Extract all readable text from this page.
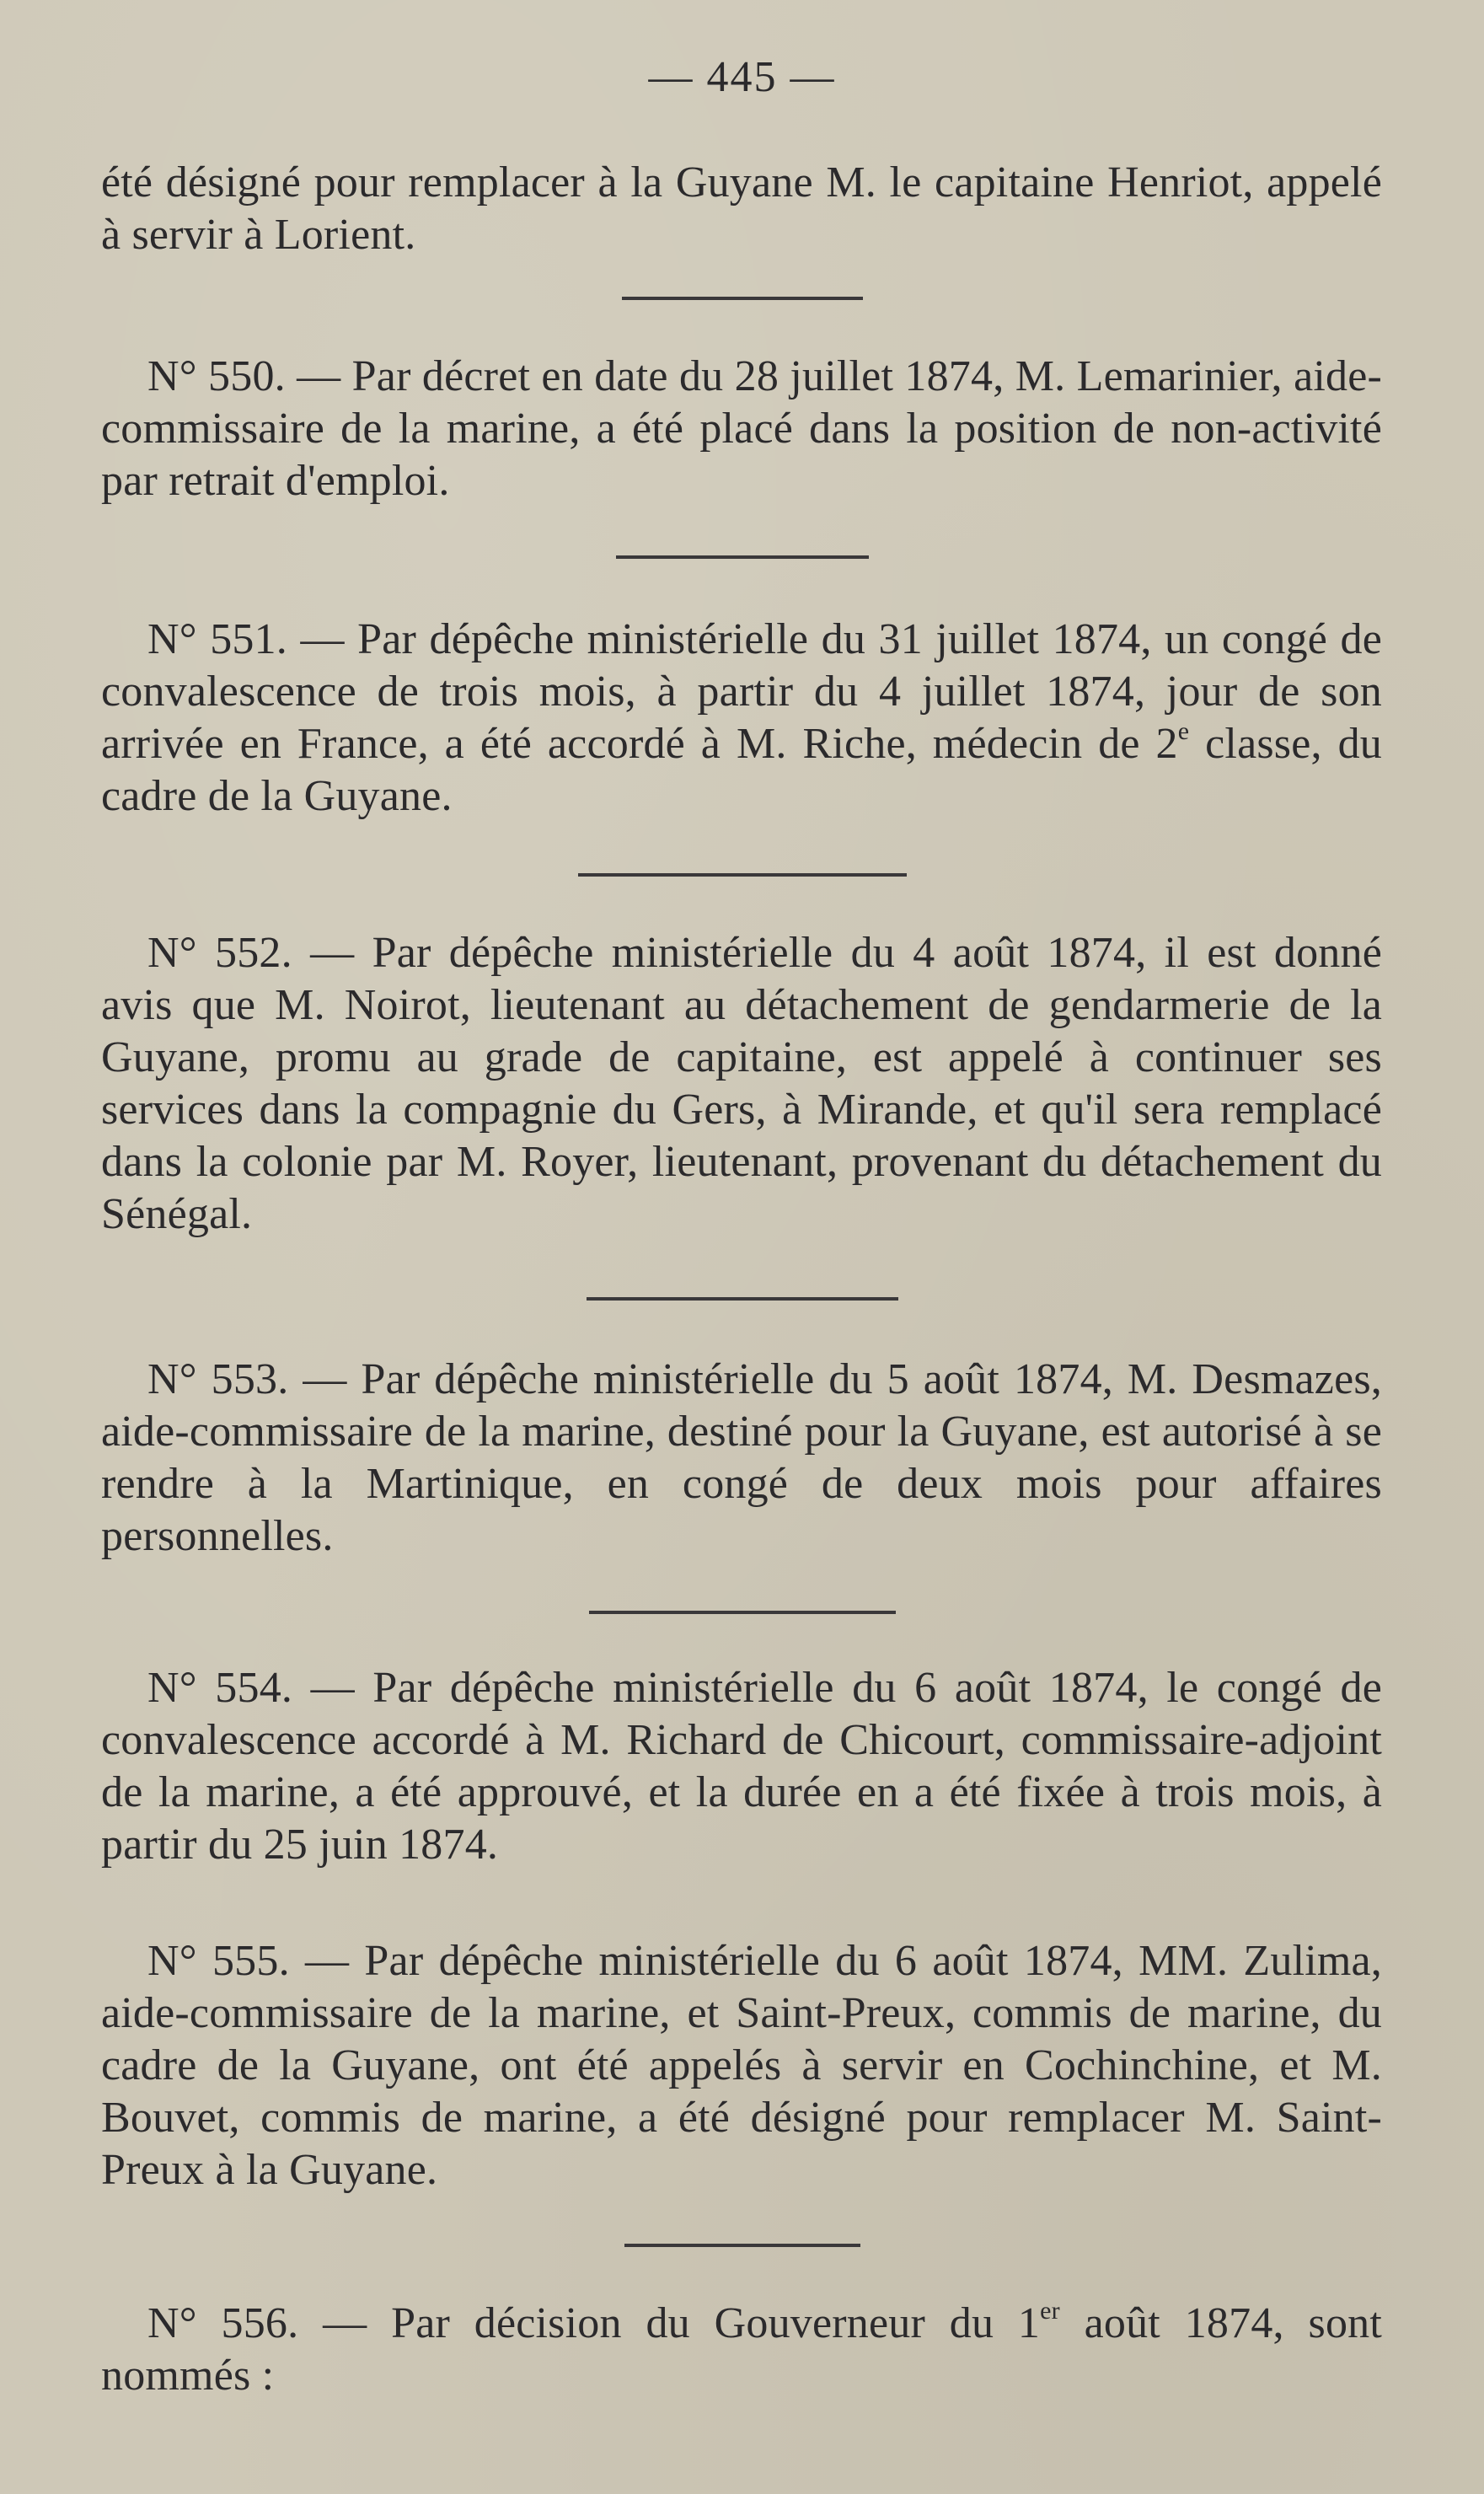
— 445 —
été désigné pour remplacer à la Guyane M. le capitaine Henriot, appelé à servir à Lorient.
N° 550. — Par décret en date du 28 juillet 1874, M. Lemarinier, aide-commissaire de la marine, a été placé dans la position de non-activité par retrait d'emploi.
N° 551. — Par dépêche ministérielle du 31 juillet 1874, un congé de convalescence de trois mois, à partir du 4 juillet 1874, jour de son arrivée en France, a été accordé à M. Riche, médecin de 2e classe, du cadre de la Guyane.
N° 552. — Par dépêche ministérielle du 4 août 1874, il est donné avis que M. Noirot, lieutenant au détachement de gendarmerie de la Guyane, promu au grade de capitaine, est appelé à continuer ses services dans la compagnie du Gers, à Mirande, et qu'il sera remplacé dans la colonie par M. Royer, lieutenant, provenant du détachement du Sénégal.
N° 553. — Par dépêche ministérielle du 5 août 1874, M. Desmazes, aide-commissaire de la marine, destiné pour la Guyane, est autorisé à se rendre à la Martinique, en congé de deux mois pour affaires personnelles.
N° 554. — Par dépêche ministérielle du 6 août 1874, le congé de convalescence accordé à M. Richard de Chicourt, commissaire-adjoint de la marine, a été approuvé, et la durée en a été fixée à trois mois, à partir du 25 juin 1874.
N° 555. — Par dépêche ministérielle du 6 août 1874, MM. Zulima, aide-commissaire de la marine, et Saint-Preux, commis de marine, du cadre de la Guyane, ont été appelés à servir en Cochinchine, et M. Bouvet, commis de marine, a été désigné pour remplacer M. Saint-Preux à la Guyane.
N° 556. — Par décision du Gouverneur du 1er août 1874, sont nommés :
